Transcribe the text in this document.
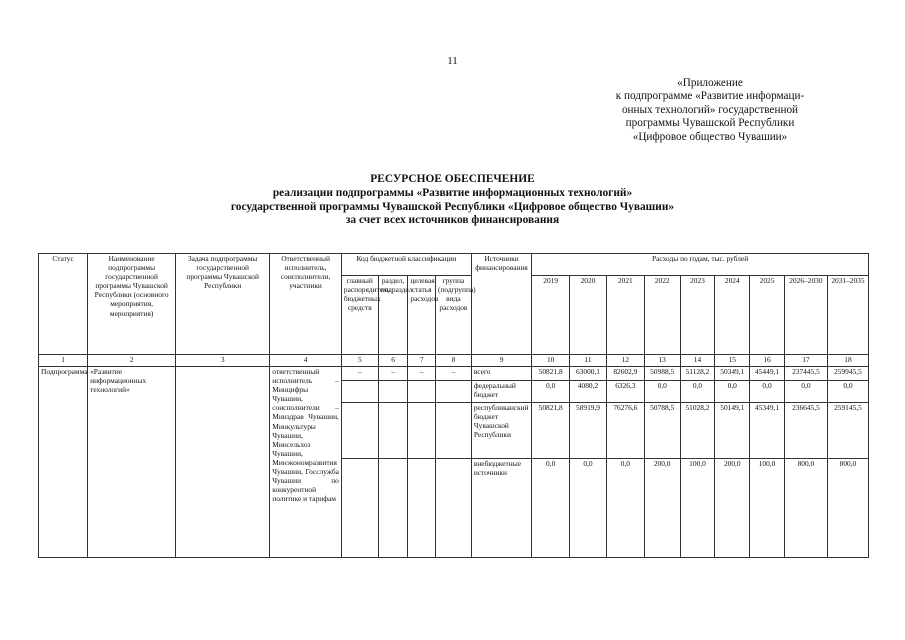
11
«Приложение
к подпрограмме «Развитие информаци-
онных технологий» государственной
программы Чувашской Республики
«Цифровое общество Чувашии»
РЕСУРСНОЕ ОБЕСПЕЧЕНИЕ
реализации подпрограммы «Развитие информационных технологий»
государственной программы Чувашской Республики «Цифровое общество Чувашии»
за счет всех источников финансирования
Статус	Наименование подпрограммы государственной программы Чувашской Республики (основного мероприятия, мероприятия)	Задача подпрограммы государственной программы Чувашской Республики	Ответственный исполнитель, соисполнители, участники	Код бюджетной классификации				Источники финансирования	Расходы по годам, тыс. рублей								
				главный распорядитель бюджетных средств	раздел, подраздел	целевая статья расходов	группа (подгруппа) вида расходов		2019	2020	2021	2022	2023	2024	2025	2026–2030	2031–2035
1	2	3	4	5	6	7	8	9	10	11	12	13	14	15	16	17	18
Подпрограмма	«Развитие информационных технологий»		ответственный исполнитель – Минцифры Чувашии, соисполнители – Минздрав Чувашии, Минкультуры Чувашии, Минсельхоз Чувашии, Минэкономразвития Чувашии, Госслужба Чувашии по конкурентной политике и тарифам	–	–	–	–	всего	50821,8	63000,1	82602,9	50988,5	51128,2	50349,1	45449,1	237445,5	259945,5
								федеральный бюджет	0,0	4080,2	6326,3	0,0	0,0	0,0	0,0	0,0	0,0
								республиканский бюджет Чувашской Республики	50821,8	58919,9	76276,6	50788,5	51028,2	50149,1	45349,1	236645,5	259145,5
								внебюджетные источники	0,0	0,0	0,0	200,0	100,0	200,0	100,0	800,0	800,0
